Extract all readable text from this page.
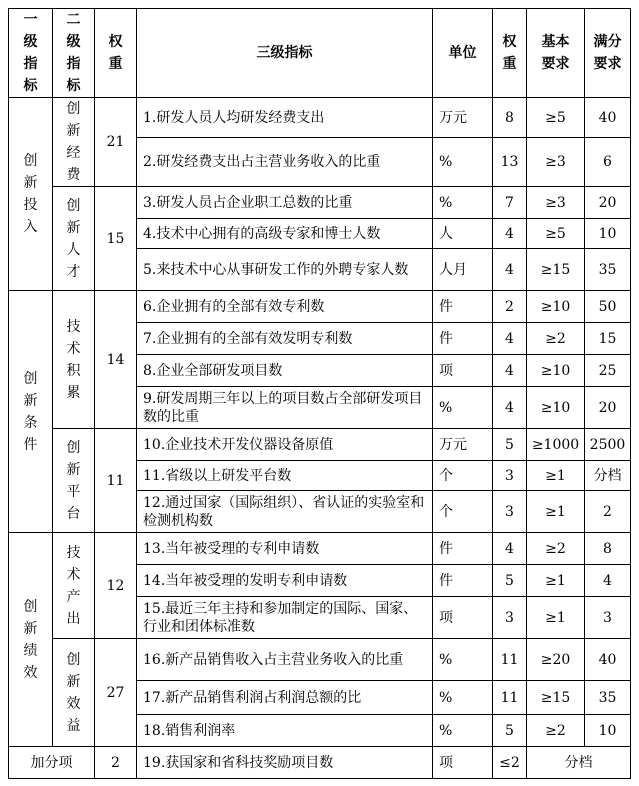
一级指标	二级指标	权重	三级指标	单位	权重	基本要求	满分要求
创新投入	创新经费	21	1.研发人员人均研发经费支出	万元	8	≥5	40
			2.研发经费支出占主营业务收入的比重	%	13	≥3	6
	创新人才	15	3.研发人员占企业职工总数的比重	%	7	≥3	20
			4.技术中心拥有的高级专家和博士人数	人	4	≥5	10
			5.来技术中心从事研发工作的外聘专家人数	人月	4	≥15	35
创新条件	技术积累	14	6.企业拥有的全部有效专利数	件	2	≥10	50
			7.企业拥有的全部有效发明专利数	件	4	≥2	15
			8.企业全部研发项目数	项	4	≥10	25
			9.研发周期三年以上的项目数占全部研发项目数的比重	%	4	≥10	20
	创新平台	11	10.企业技术开发仪器设备原值	万元	5	≥1000	2500
			11.省级以上研发平台数	个	3	≥1	分档
			12.通过国家（国际组织）、省认证的实验室和检测机构数	个	3	≥1	2
创新绩效	技术产出	12	13.当年被受理的专利申请数	件	4	≥2	8
			14.当年被受理的发明专利申请数	件	5	≥1	4
			15.最近三年主持和参加制定的国际、国家、行业和团体标准数	项	3	≥1	3
	创新效益	27	16.新产品销售收入占主营业务收入的比重	%	11	≥20	40
			17.新产品销售利润占利润总额的比	%	11	≥15	35
			18.销售利润率	%	5	≥2	10
加分项		2	19.获国家和省科技奖励项目数	项	≤2	分档	
